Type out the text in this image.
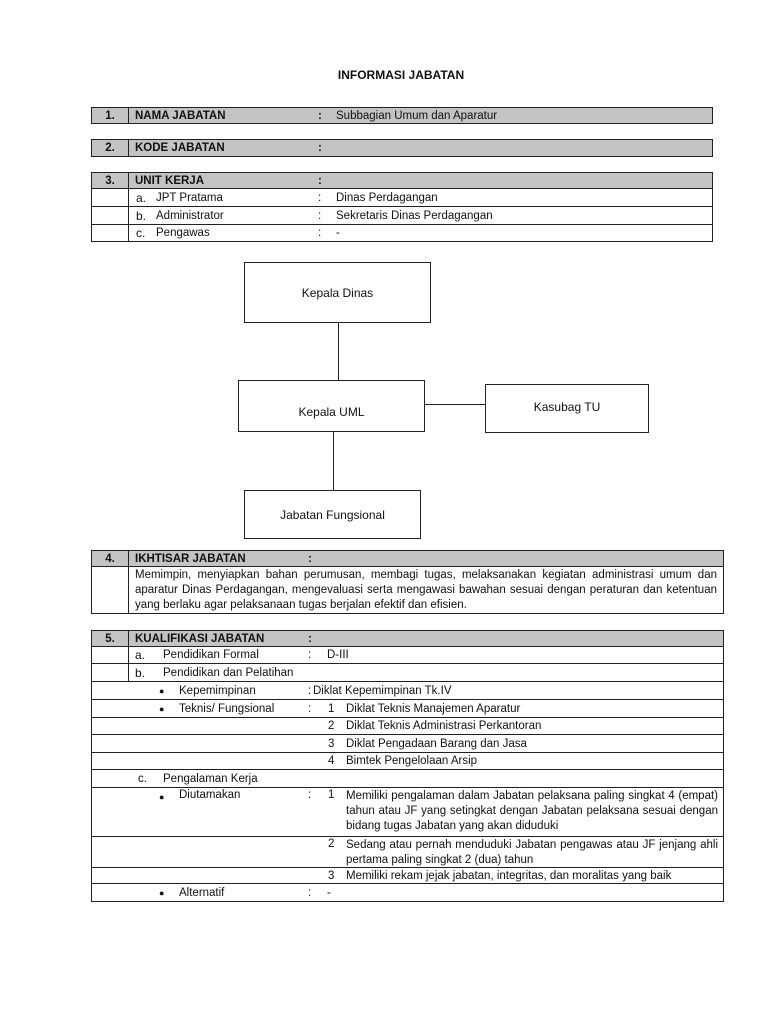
INFORMASI JABATAN
1.	NAMA JABATAN	: Subbagian Umum dan Aparatur
2.	KODE JABATAN	:
3.	UNIT KERJA	:
a. JPT Pratama	: Dinas Perdagangan
b. Administrator	: Sekretaris Dinas Perdagangan
c. Pengawas	: -
Kepala Dinas
Kepala UML	Kasubag TU
Jabatan Fungsional
4.	IKHTISAR JABATAN	:
Memimpin, menyiapkan bahan perumusan, membagi tugas, melaksanakan kegiatan administrasi umum dan aparatur Dinas Perdagangan, mengevaluasi serta mengawasi bawahan sesuai dengan peraturan dan ketentuan yang berlaku agar pelaksanaan tugas berjalan efektif dan efisien.
5.	KUALIFIKASI JABATAN	:
a. Pendidikan Formal	: D-III
b. Pendidikan dan Pelatihan
● Kepemimpinan	: Diklat Kepemimpinan Tk.IV
● Teknis/ Fungsional	: 1 Diklat Teknis Manajemen Aparatur
2 Diklat Teknis Administrasi Perkantoran
3 Diklat Pengadaan Barang dan Jasa
4 Bimtek Pengelolaan Arsip
c. Pengalaman Kerja
● Diutamakan	: 1 Memiliki pengalaman dalam Jabatan pelaksana paling singkat 4 (empat) tahun atau JF yang setingkat dengan Jabatan pelaksana sesuai dengan bidang tugas Jabatan yang akan diduduki
2 Sedang atau pernah menduduki Jabatan pengawas atau JF jenjang ahli pertama paling singkat 2 (dua) tahun
3 Memiliki rekam jejak jabatan, integritas, dan moralitas yang baik
● Alternatif	: -
